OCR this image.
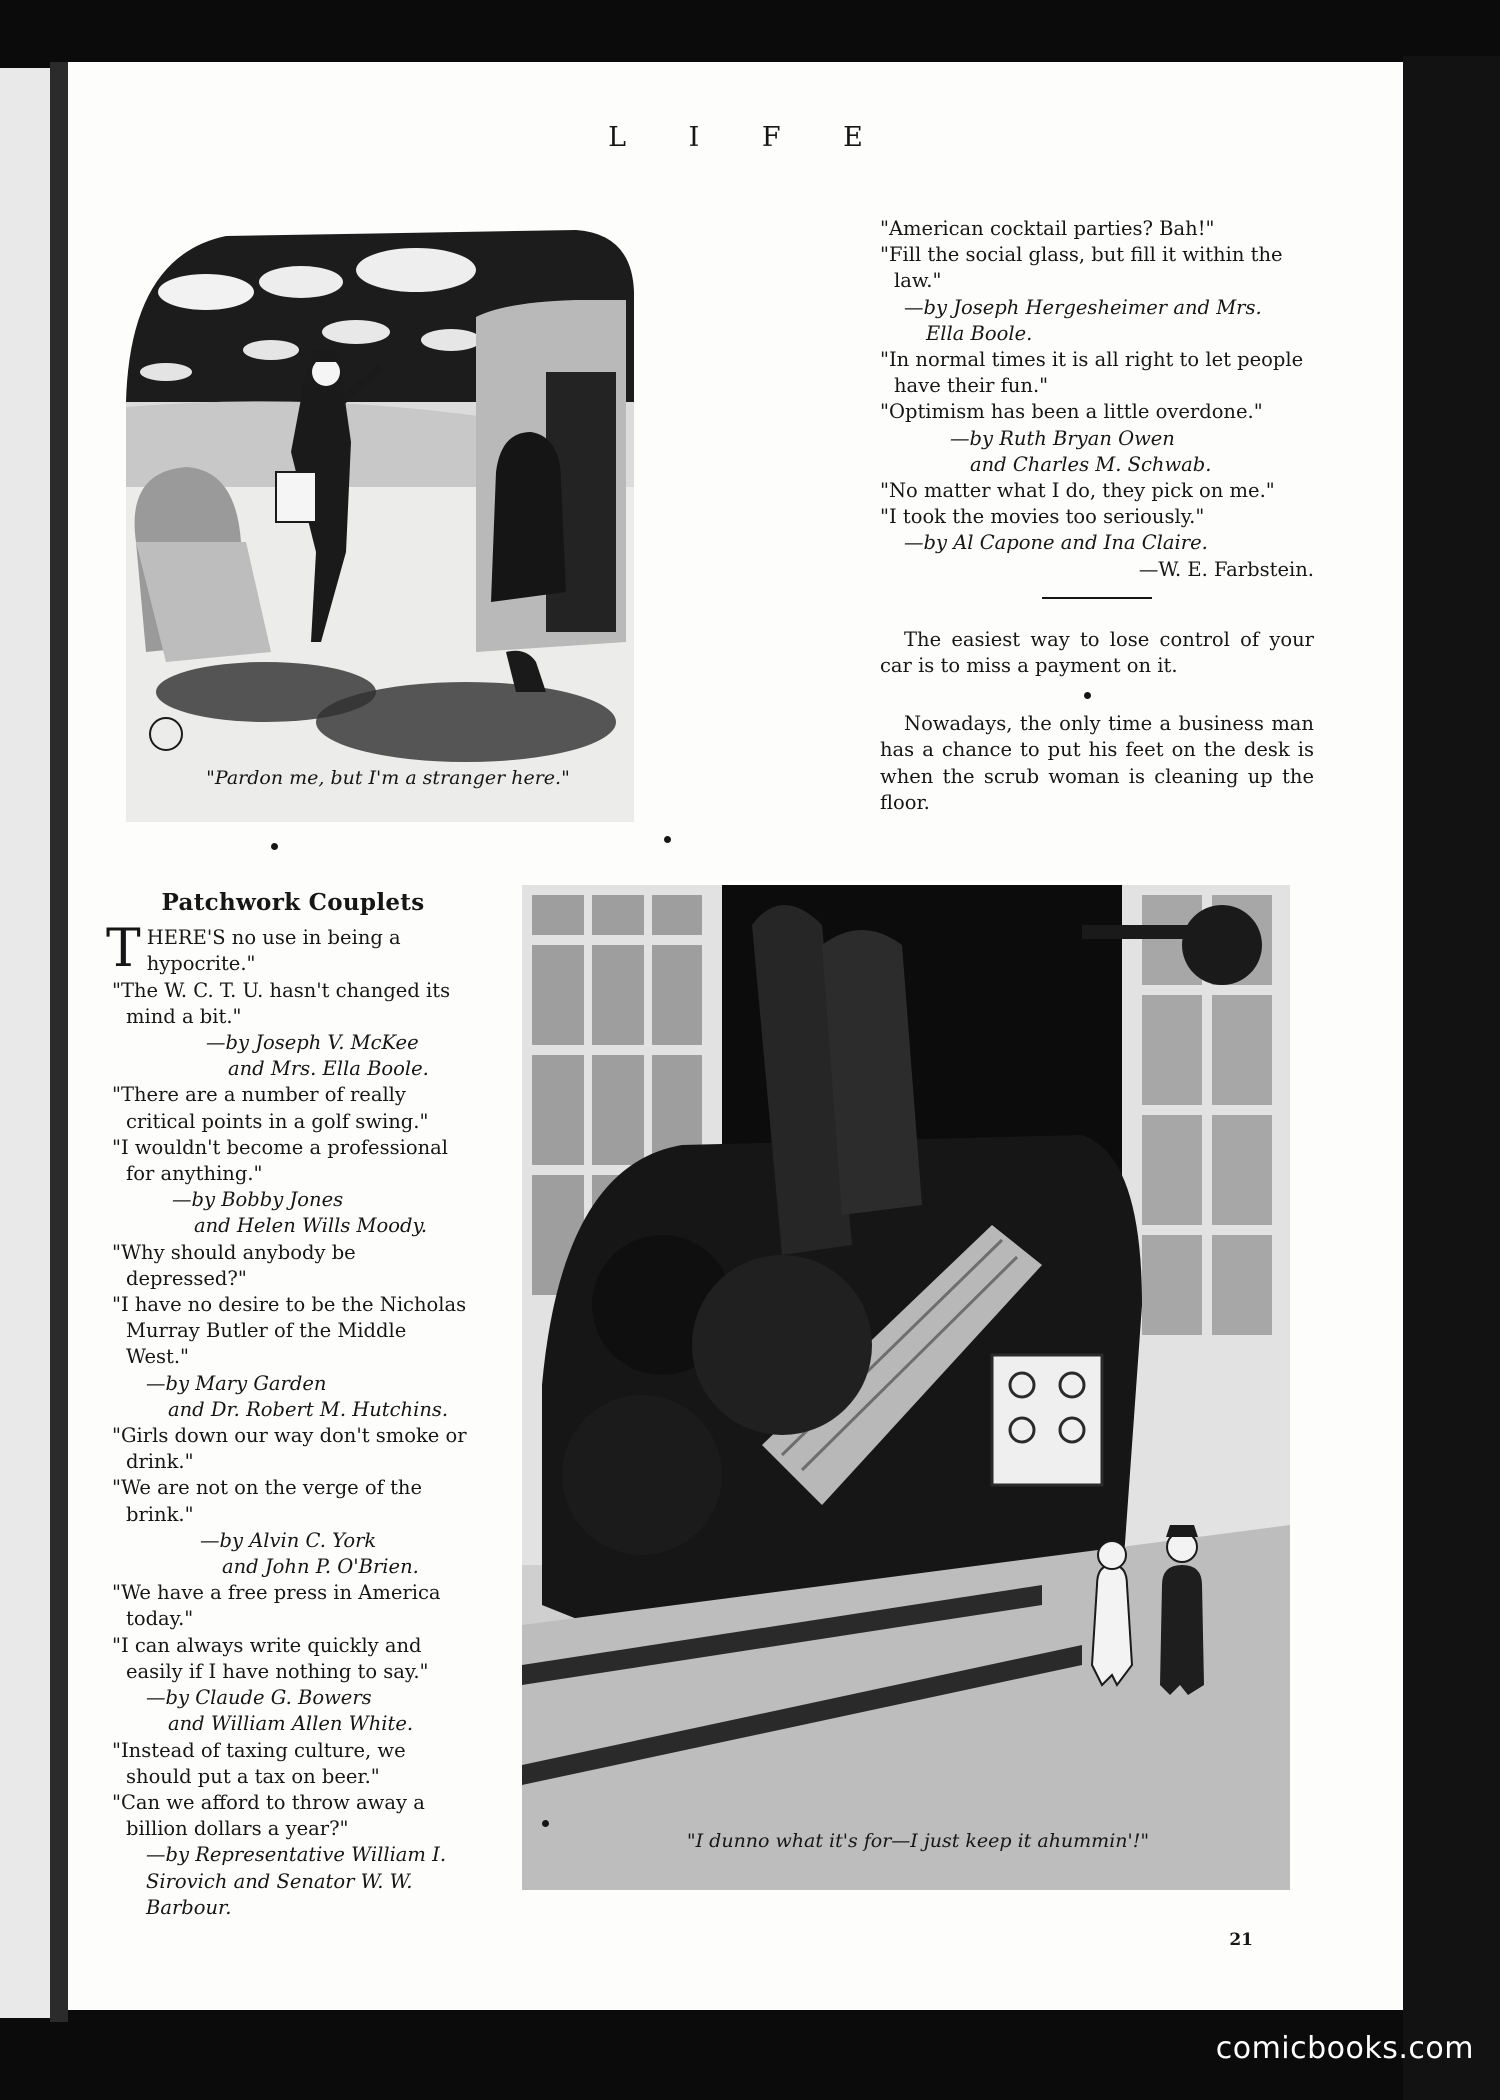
L I F E
"Pardon me, but I'm a stranger here."

"American cocktail parties? Bah!"

"Fill the social glass, but fill it within the law."

—by Joseph Hergesheimer and Mrs.
Ella Boole.

"In normal times it is all right to let people have their fun."

"Optimism has been a little overdone."

—by Ruth Bryan Owen
and Charles M. Schwab.

"No matter what I do, they pick on me."

"I took the movies too seriously."

—by Al Capone and Ina Claire.

—W. E. Farbstein.

The easiest way to lose control of your car is to miss a payment on it.

Nowadays, the only time a business man has a chance to put his feet on the desk is when the scrub woman is cleaning up the floor.

Patchwork Couplets

THERE'S no use in being a hypocrite."

"The W. C. T. U. hasn't changed its mind a bit."

—by Joseph V. McKee
and Mrs. Ella Boole.

"There are a number of really critical points in a golf swing."

"I wouldn't become a professional for anything."

—by Bobby Jones
and Helen Wills Moody.

"Why should anybody be depressed?"

"I have no desire to be the Nicholas Murray Butler of the Middle West."

—by Mary Garden
and Dr. Robert M. Hutchins.

"Girls down our way don't smoke or drink."

"We are not on the verge of the brink."

—by Alvin C. York
and John P. O'Brien.

"We have a free press in America today."

"I can always write quickly and easily if I have nothing to say."

—by Claude G. Bowers
and William Allen White.

"Instead of taxing culture, we should put a tax on beer."

"Can we afford to throw away a billion dollars a year?"

—by Representative William I. Sirovich and Senator W. W. Barbour.

"I dunno what it's for—I just keep it ahummin'!"
21
comicbooks.com
